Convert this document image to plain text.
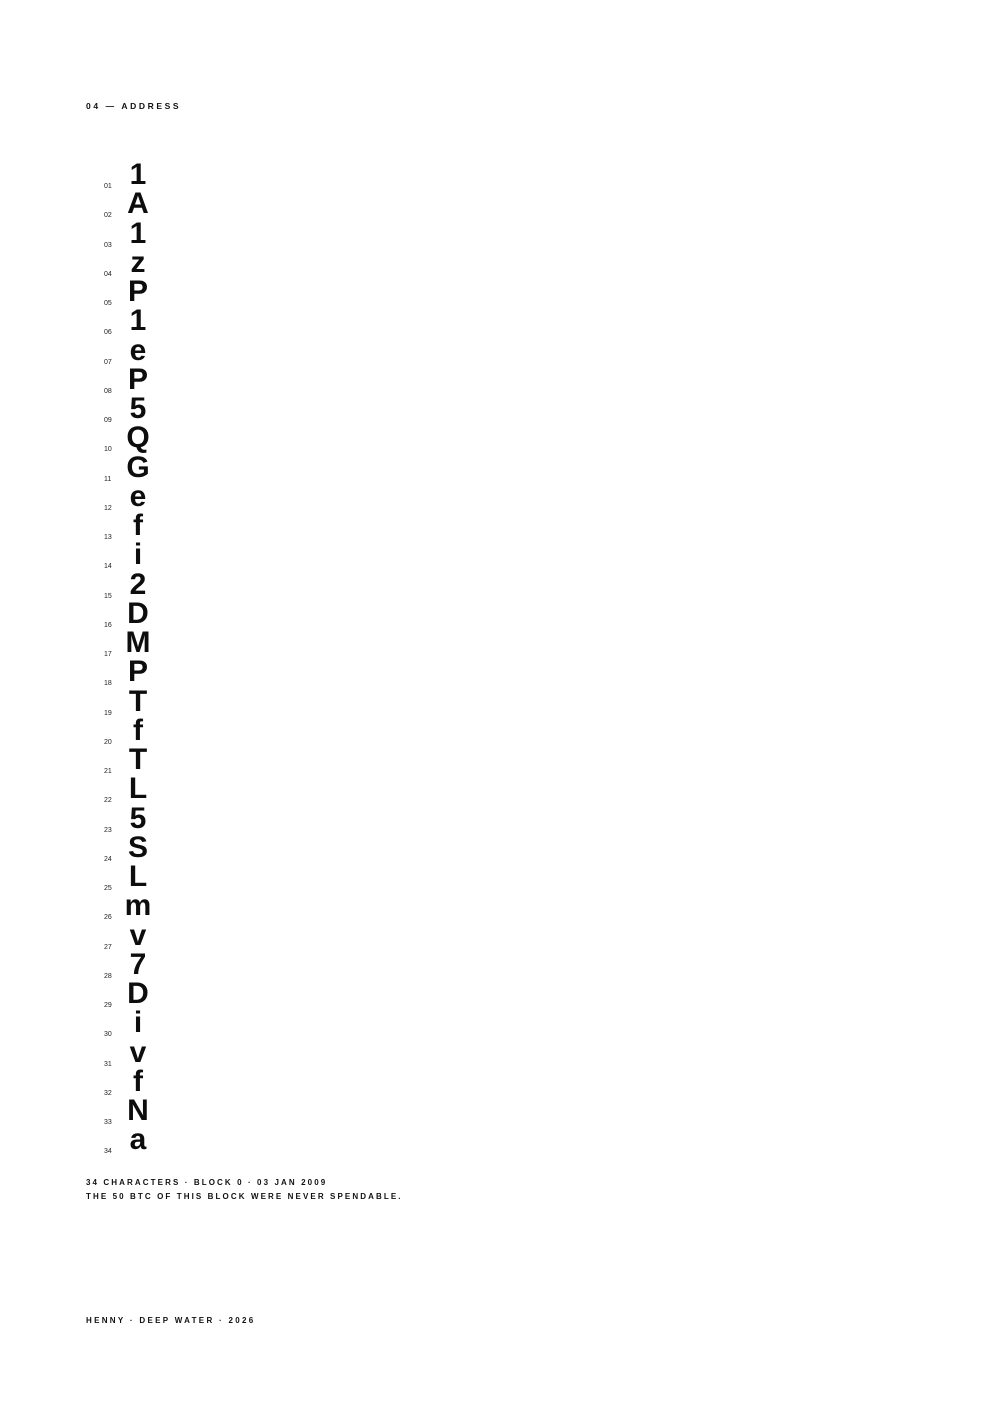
04 — ADDRESS
01 1
02 A
03 1
04 z
05 P
06 1
07 e
08 P
09 5
10 Q
11 G
12 e
13 f
14 i
15 2
16 D
17 M
18 P
19 T
20 f
21 T
22 L
23 5
24 S
25 L
26 m
27 v
28 7
29 D
30 i
31 v
32 f
33 N
34 a
34 CHARACTERS · BLOCK 0 · 03 JAN 2009
THE 50 BTC OF THIS BLOCK WERE NEVER SPENDABLE.
HENNY · DEEP WATER · 2026
